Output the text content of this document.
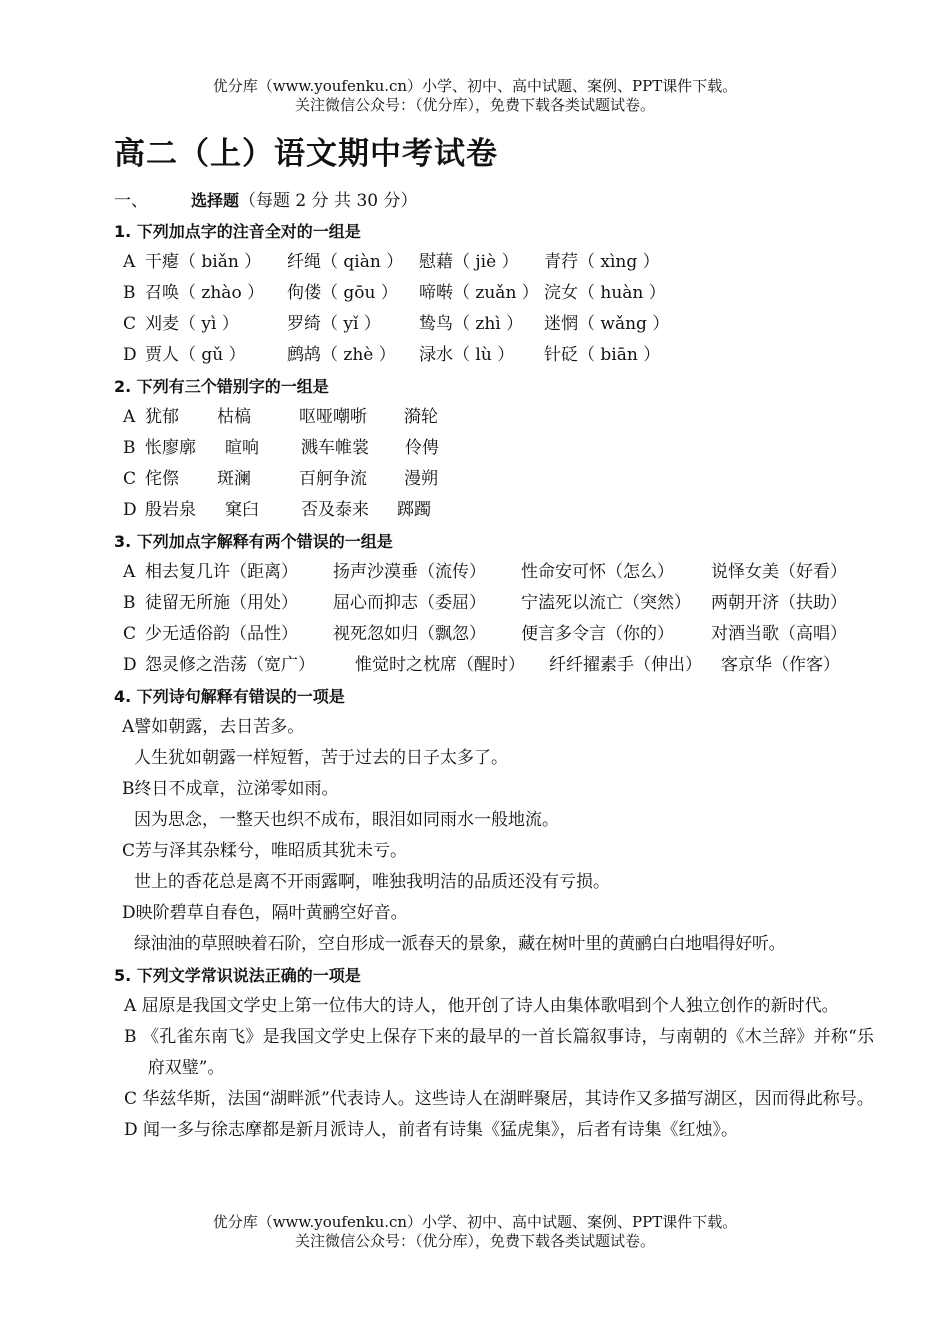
优分库（www.youfenku.cn）小学、初中、高中试题、案例、PPT课件下载。
关注微信公众号：（优分库），免费下载各类试题试卷。
高二（上）语文期中考试卷
一、	选择题（每题 2 分 共 30 分）
1. 下列加点字的注音全对的一组是
A 干瘪（ biǎn ） 纤绳（ qiàn ） 慰藉（ jiè ） 青荇（ xìng ）
B 召唤（ zhào ） 佝偻（ gōu ） 啼啭（ zuǎn ） 浣女（ huàn ）
C 刈麦（ yì ）	罗绮（ yǐ ） 鸷鸟（ zhì ） 迷惘（ wǎng ）
D 贾人（ gǔ ） 鹧鸪（ zhè ） 渌水（ lù ） 针砭（ biān ）
2. 下列有三个错别字的一组是
A 犹郁 枯槁	呕哑嘲哳 漪轮
B 怅廖廓 暄响 溅车帷裳 伶俜
C 侘傺 斑澜	百舸争流 漫朔
D 殷岩泉 窠臼 否及泰来 踯躅
3. 下列加点字解释有两个错误的一组是
A 相去复几许（距离） 扬声沙漠垂（流传） 性命安可怀（怎么） 说怿女美（好看）
B 徒留无所施（用处） 屈心而抑志（委屈） 宁溘死以流亡（突然） 两朝开济（扶助）
C 少无适俗韵（品性） 视死忽如归（飘忽） 便言多令言（你的） 对酒当歌（高唱）
D 怨灵修之浩荡（宽广） 惟觉时之枕席（醒时） 纤纤擢素手（伸出） 客京华（作客）
4. 下列诗句解释有错误的一项是
A譬如朝露，去日苦多。
人生犹如朝露一样短暂，苦于过去的日子太多了。
B终日不成章，泣涕零如雨。
因为思念，一整天也织不成布，眼泪如同雨水一般地流。
C芳与泽其杂糅兮，唯昭质其犹未亏。
世上的香花总是离不开雨露啊，唯独我明洁的品质还没有亏损。
D映阶碧草自春色，隔叶黄鹂空好音。
绿油油的草照映着石阶，空自形成一派春天的景象，藏在树叶里的黄鹂白白地唱得好听。
5. 下列文学常识说法正确的一项是
A 屈原是我国文学史上第一位伟大的诗人，他开创了诗人由集体歌唱到个人独立创作的新时代。
B 《孔雀东南飞》是我国文学史上保存下来的最早的一首长篇叙事诗，与南朝的《木兰辞》并称“乐府双璧”。
C 华兹华斯，法国“湖畔派”代表诗人。这些诗人在湖畔聚居，其诗作又多描写湖区，因而得此称号。
D 闻一多与徐志摩都是新月派诗人，前者有诗集《猛虎集》，后者有诗集《红烛》。
优分库（www.youfenku.cn）小学、初中、高中试题、案例、PPT课件下载。
关注微信公众号：（优分库），免费下载各类试题试卷。
